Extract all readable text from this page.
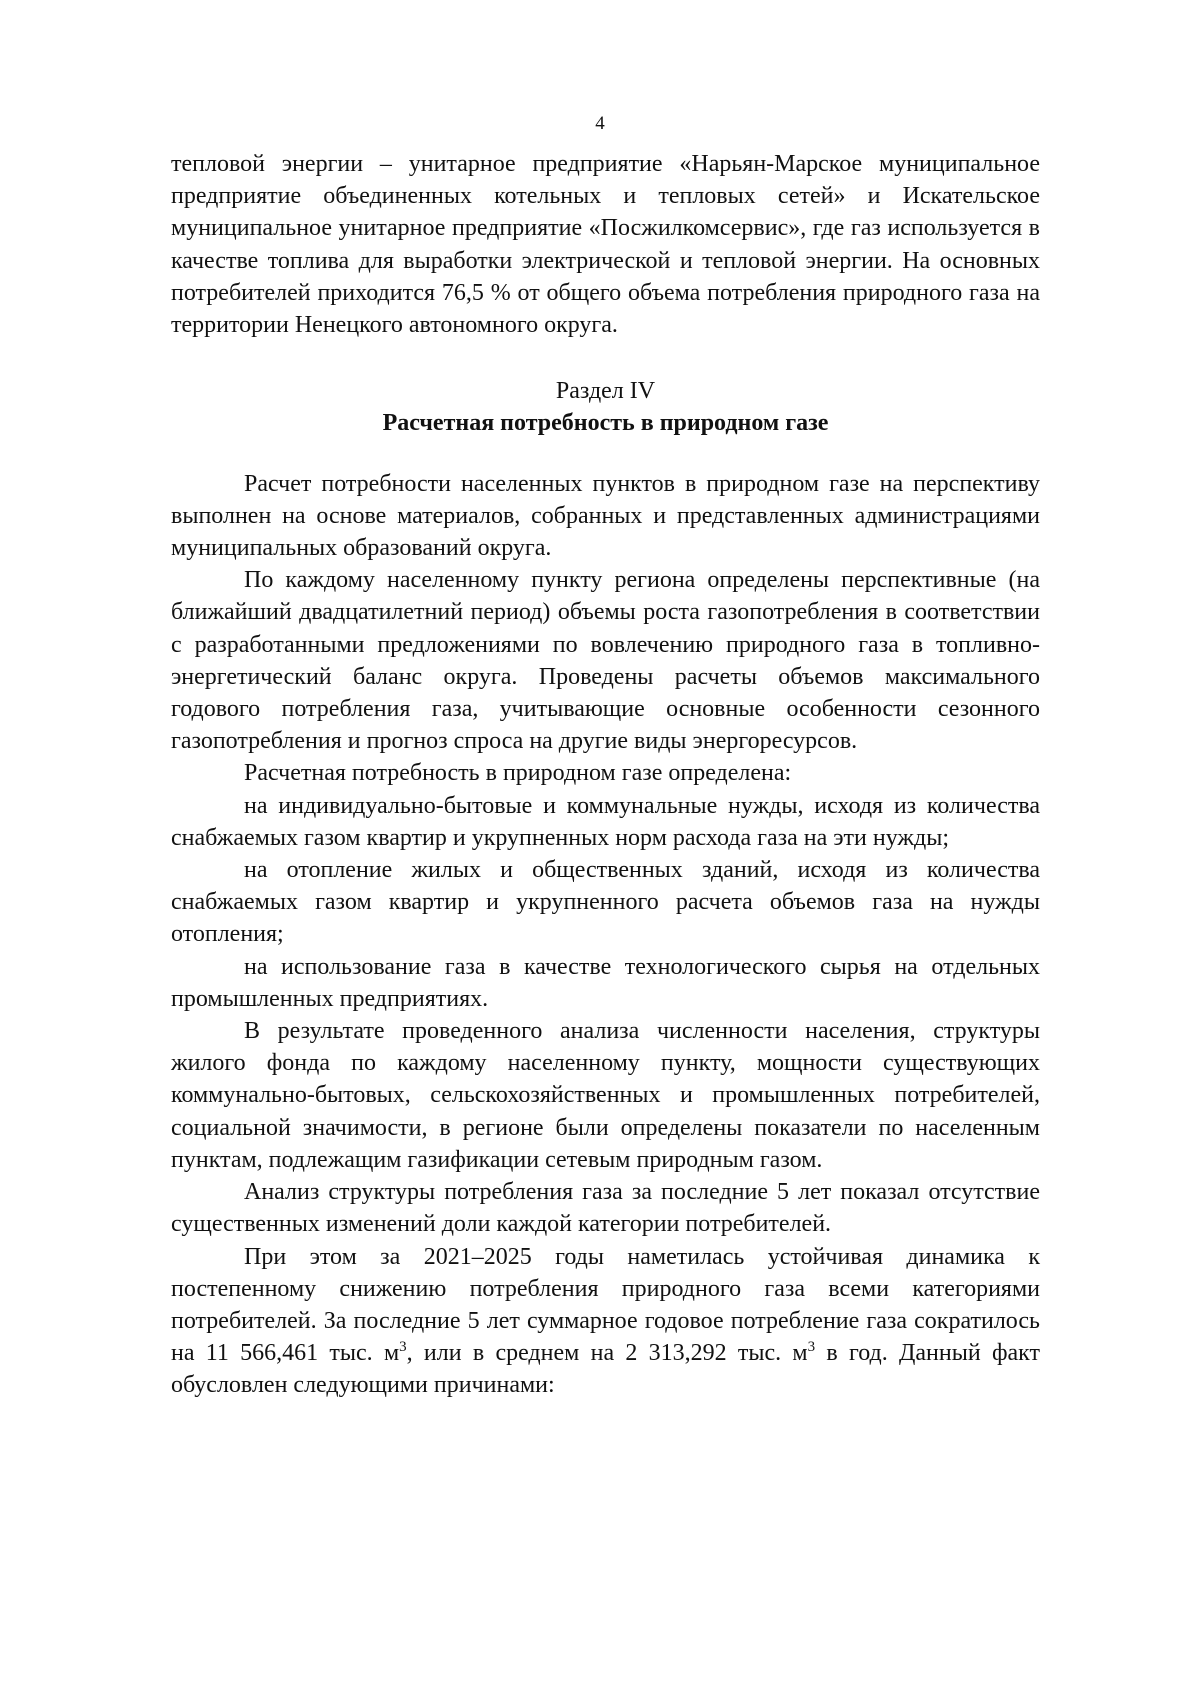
4

тепловой энергии – унитарное предприятие «Нарьян-Марское муниципальное предприятие объединенных котельных и тепловых сетей» и Искательское муниципальное унитарное предприятие «Посжилкомсервис», где газ используется в качестве топлива для выработки электрической и тепловой энергии. На основных потребителей приходится 76,5 % от общего объема потребления природного газа на территории Ненецкого автономного округа.

Раздел IV
Расчетная потребность в природном газе

Расчет потребности населенных пунктов в природном газе на перспективу выполнен на основе материалов, собранных и представленных администрациями муниципальных образований округа.

По каждому населенному пункту региона определены перспективные (на ближайший двадцатилетний период) объемы роста газопотребления в соответствии с разработанными предложениями по вовлечению природного газа в топливно-энергетический баланс округа. Проведены расчеты объемов максимального годового потребления газа, учитывающие основные особенности сезонного газопотребления и прогноз спроса на другие виды энергоресурсов.

Расчетная потребность в природном газе определена:

на индивидуально-бытовые и коммунальные нужды, исходя из количества снабжаемых газом квартир и укрупненных норм расхода газа на эти нужды;

на отопление жилых и общественных зданий, исходя из количества снабжаемых газом квартир и укрупненного расчета объемов газа на нужды отопления;

на использование газа в качестве технологического сырья на отдельных промышленных предприятиях.

В результате проведенного анализа численности населения, структуры жилого фонда по каждому населенному пункту, мощности существующих коммунально-бытовых, сельскохозяйственных и промышленных потребителей, социальной значимости, в регионе были определены показатели по населенным пунктам, подлежащим газификации сетевым природным газом.

Анализ структуры потребления газа за последние 5 лет показал отсутствие существенных изменений доли каждой категории потребителей.

При этом за 2021–2025 годы наметилась устойчивая динамика к постепенному снижению потребления природного газа всеми категориями потребителей. За последние 5 лет суммарное годовое потребление газа сократилось на 11 566,461 тыс. $м^3$, или в среднем на 2 313,292 тыс. $м^3$ в год. Данный факт обусловлен следующими причинами:
